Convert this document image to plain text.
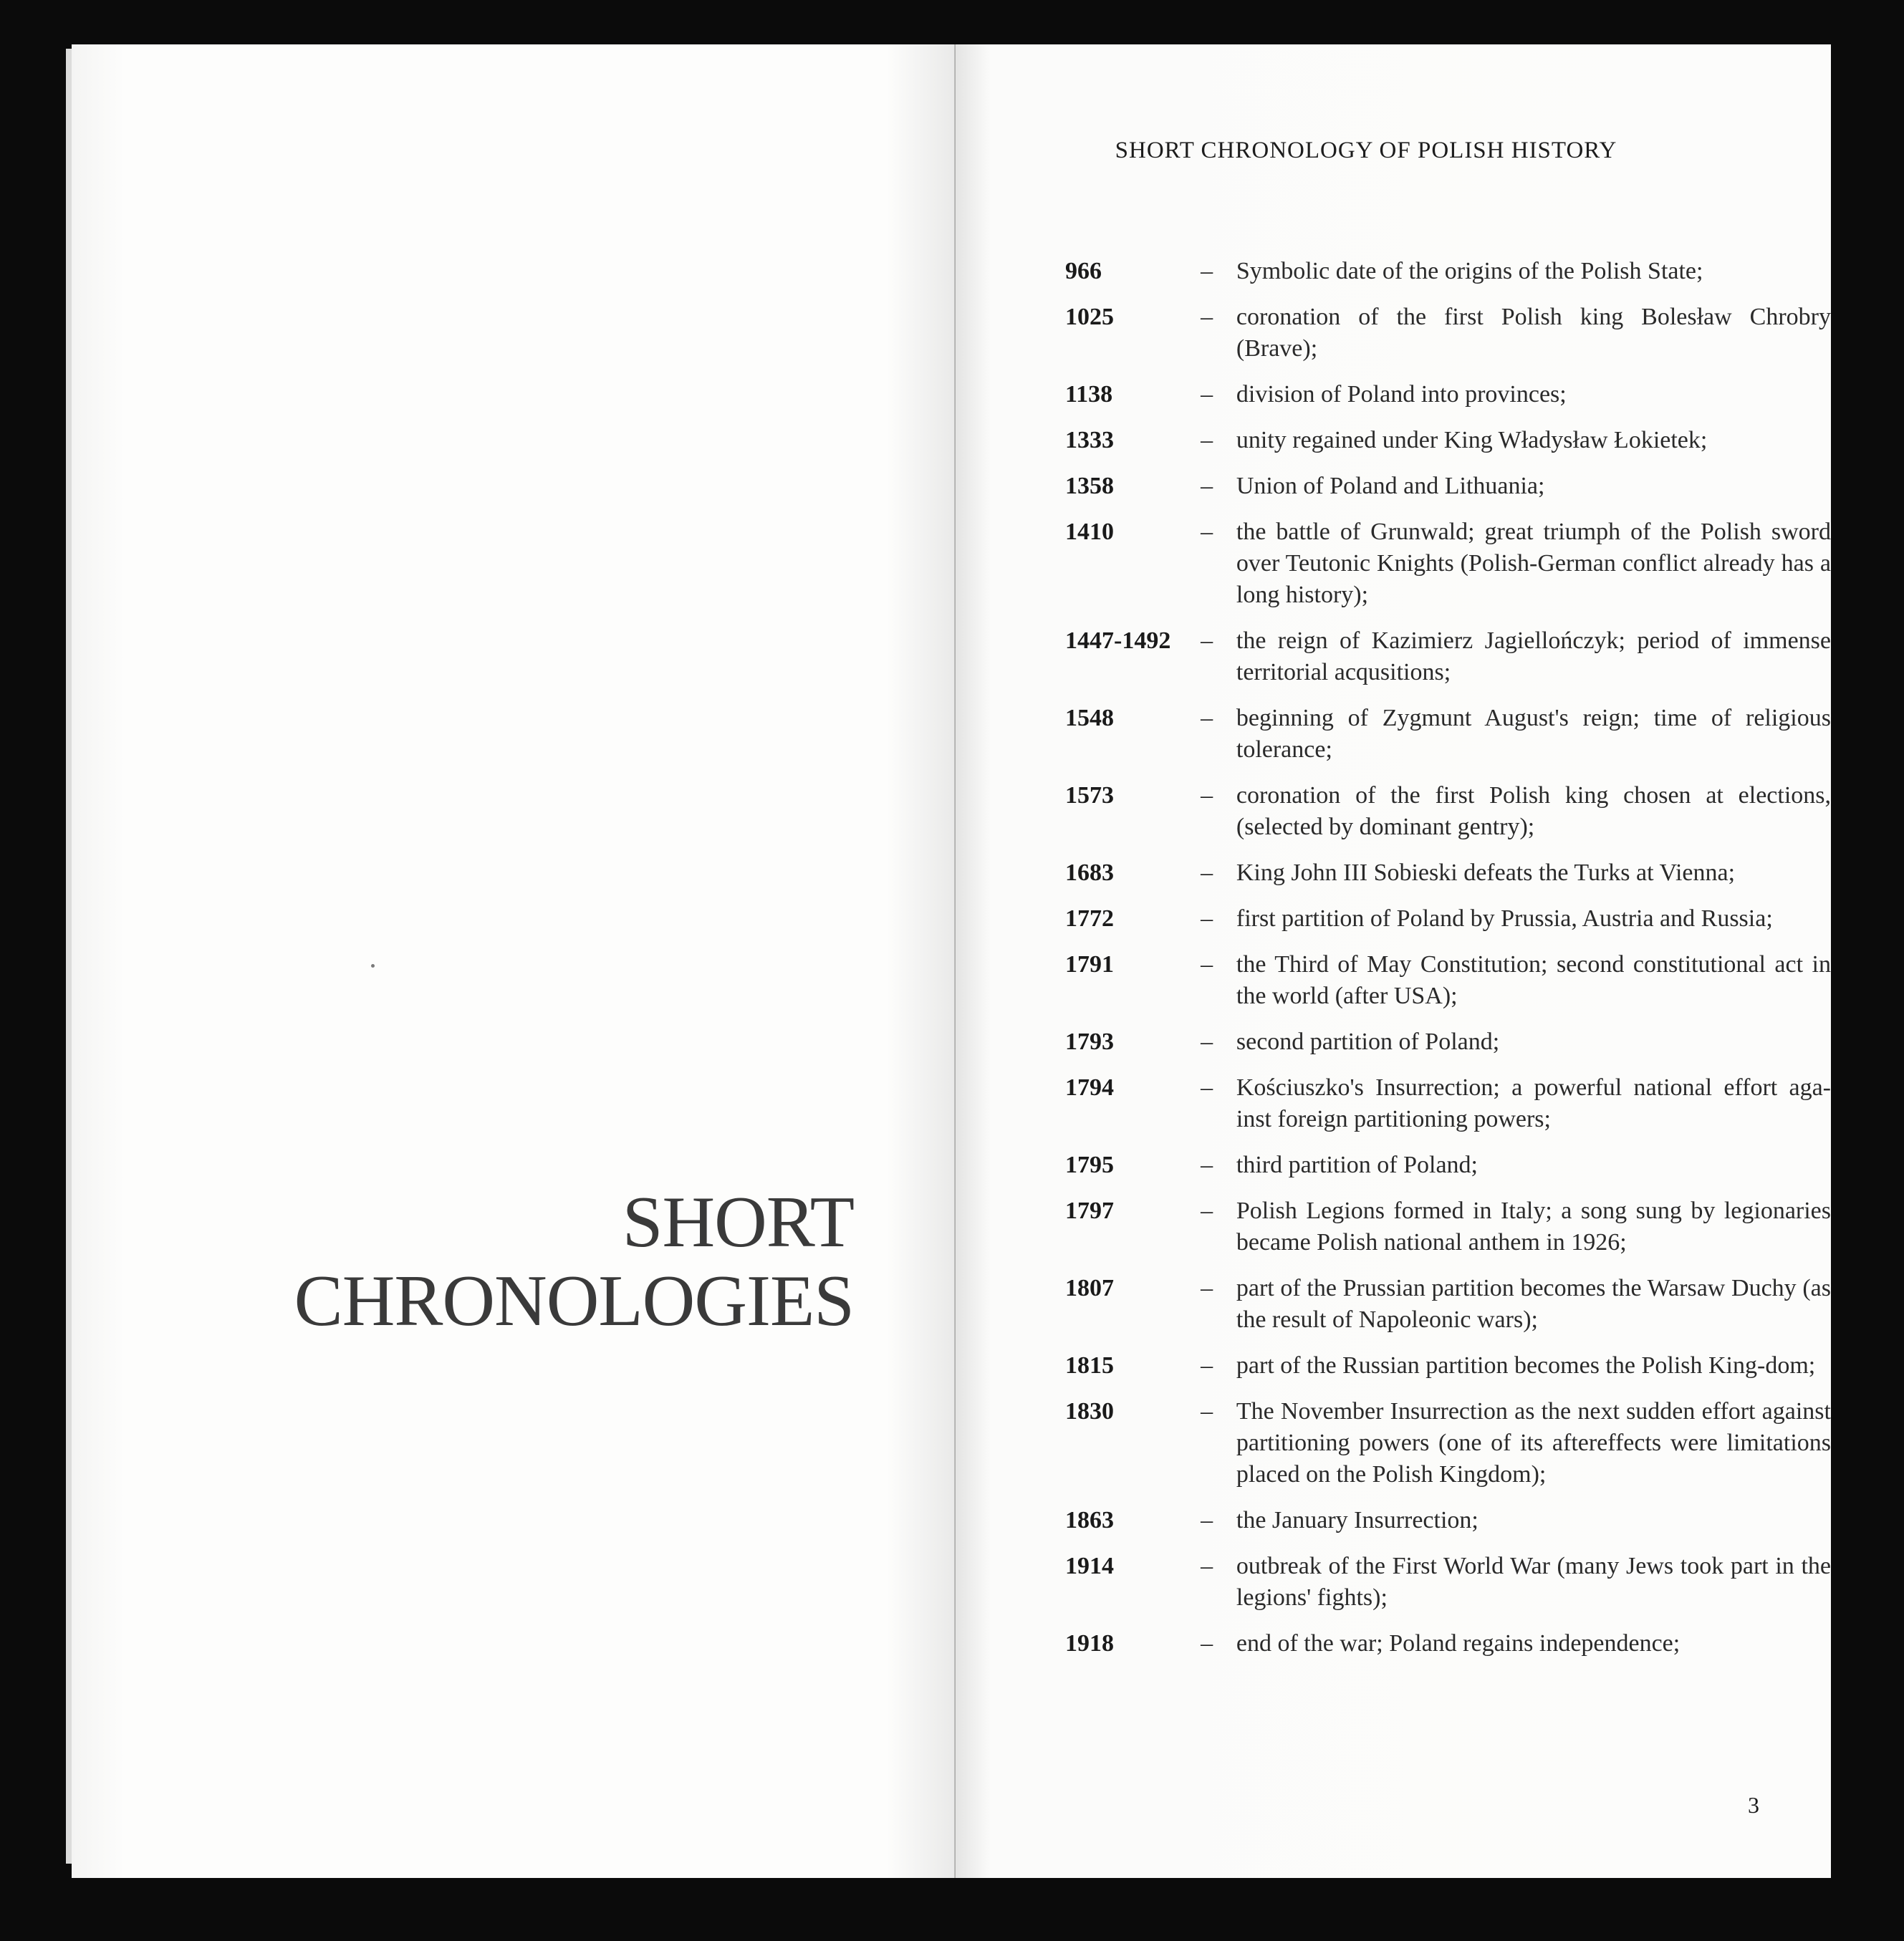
SHORT
CHRONOLOGIES
SHORT CHRONOLOGY OF POLISH HISTORY
966	– Symbolic date of the origins of the Polish State;
1025	– coronation of the first Polish king Bolesław Chrobry (Brave);
1138	– division of Poland into provinces;
1333	– unity regained under King Władysław Łokietek;
1358	– Union of Poland and Lithuania;
1410	– the battle of Grunwald; great triumph of the Polish sword over Teutonic Knights (Polish-German conflict already has a long history);
1447-1492	– the reign of Kazimierz Jagiellończyk; period of immense territorial acqusitions;
1548	– beginning of Zygmunt August's reign; time of religious tolerance;
1573	– coronation of the first Polish king chosen at elections, (selected by dominant gentry);
1683	– King John III Sobieski defeats the Turks at Vienna;
1772	– first partition of Poland by Prussia, Austria and Russia;
1791	– the Third of May Constitution; second constitutional act in the world (after USA);
1793	– second partition of Poland;
1794	– Kościuszko's Insurrection; a powerful national effort aga-inst foreign partitioning powers;
1795	– third partition of Poland;
1797	– Polish Legions formed in Italy; a song sung by legionaries became Polish national anthem in 1926;
1807	– part of the Prussian partition becomes the Warsaw Duchy (as the result of Napoleonic wars);
1815	– part of the Russian partition becomes the Polish King-dom;
1830	– The November Insurrection as the next sudden effort against partitioning powers (one of its aftereffects were limitations placed on the Polish Kingdom);
1863	– the January Insurrection;
1914	– outbreak of the First World War (many Jews took part in the legions' fights);
1918	– end of the war; Poland regains independence;
3
